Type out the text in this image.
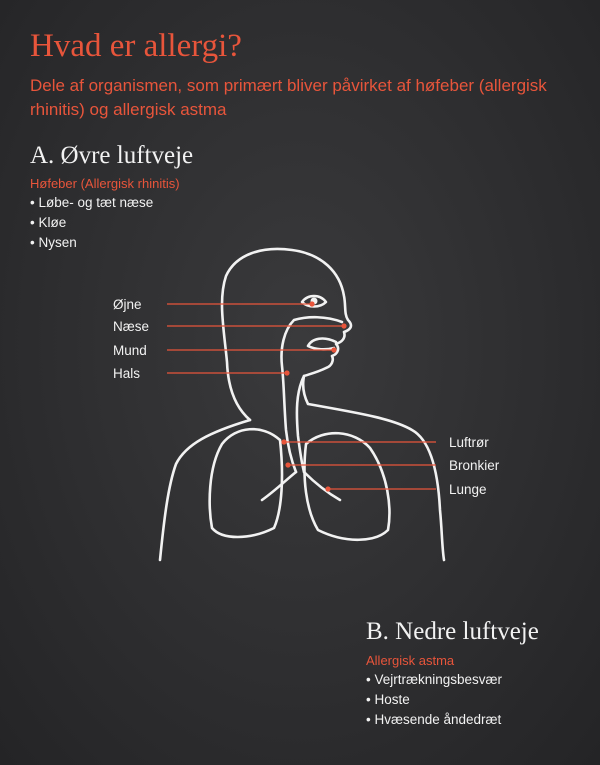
Øjne
Næse
Mund
Hals
Luftrør
Bronkier
Lunge
Hvad er allergi?

Dele af organismen, som primært bliver påvirket af høfeber (allergisk rhinitis) og allergisk astma

A. Øvre luftveje
Høfeber (Allergisk rhinitis)
• Løbe- og tæt næse
• Kløe
• Nysen
B. Nedre luftveje
Allergisk astma
• Vejrtrækningsbesvær
• Hoste
• Hvæsende åndedræt
